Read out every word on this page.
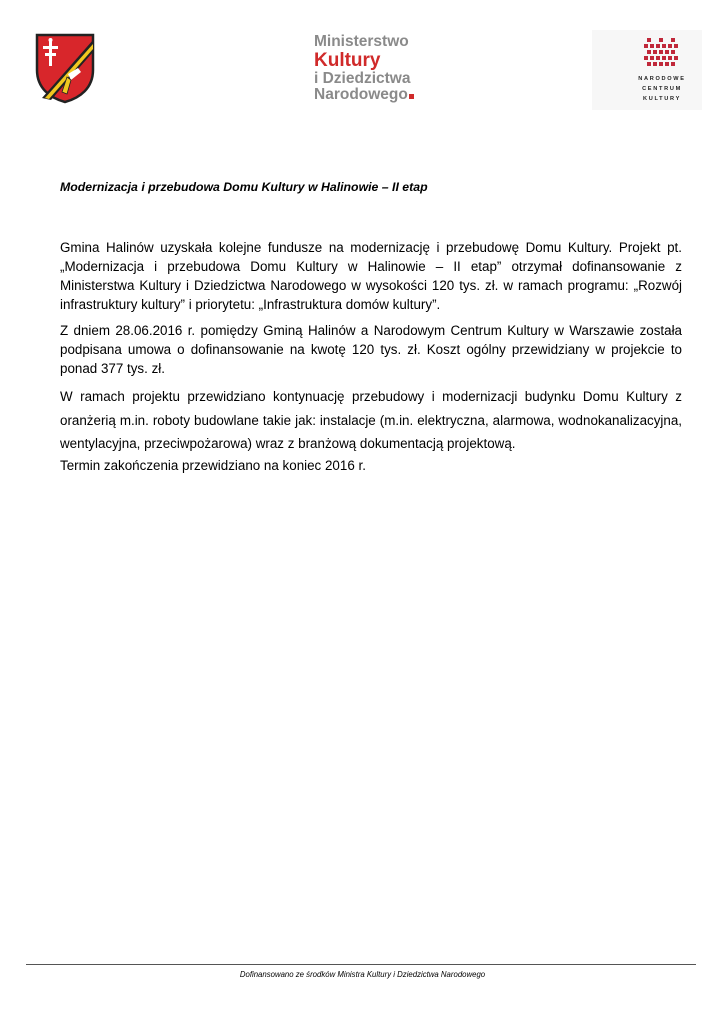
Ministerstwo
Kultury
i Dziedzictwa
Narodowego
NARODOWE
CENTRUM
KULTURY
Modernizacja i przebudowa Domu Kultury w Halinowie – II etap

Gmina Halinów uzyskała kolejne fundusze na modernizację i przebudowę Domu Kultury. Projekt pt. „Modernizacja i przebudowa Domu Kultury w Halinowie – II etap” otrzymał dofinansowanie z Ministerstwa Kultury i Dziedzictwa Narodowego w wysokości 120 tys. zł. w ramach programu: „Rozwój infrastruktury kultury” i priorytetu: „Infrastruktura domów kultury”.

Z dniem 28.06.2016 r. pomiędzy Gminą Halinów a Narodowym Centrum Kultury w Warszawie została podpisana umowa o dofinansowanie na kwotę 120 tys. zł. Koszt ogólny przewidziany w projekcie to ponad 377 tys. zł.

W ramach projektu przewidziano kontynuację przebudowy i modernizacji budynku Domu Kultury z oranżerią m.in. roboty budowlane takie jak: instalacje (m.in. elektryczna, alarmowa, wodnokanalizacyjna, wentylacyjna, przeciwpożarowa) wraz z branżową dokumentacją projektową.

Termin zakończenia przewidziano na koniec 2016 r.

Dofinansowano ze środków Ministra Kultury i Dziedzictwa Narodowego
